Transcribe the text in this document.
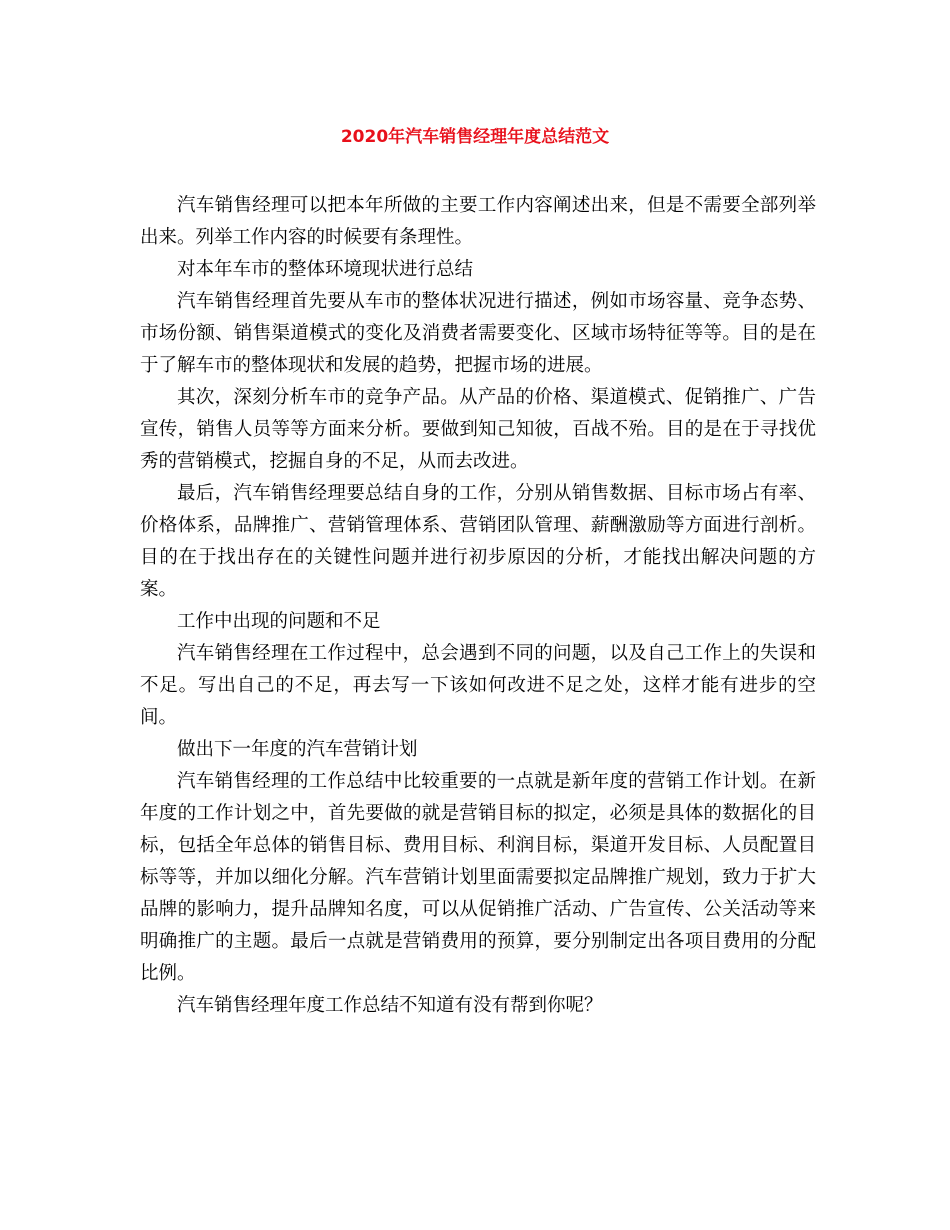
2020年汽车销售经理年度总结范文

汽车销售经理可以把本年所做的主要工作内容阐述出来，但是不需要全部列举出来。列举工作内容的时候要有条理性。

对本年车市的整体环境现状进行总结

汽车销售经理首先要从车市的整体状况进行描述，例如市场容量、竞争态势、市场份额、销售渠道模式的变化及消费者需要变化、区域市场特征等等。目的是在于了解车市的整体现状和发展的趋势，把握市场的进展。

其次，深刻分析车市的竞争产品。从产品的价格、渠道模式、促销推广、广告宣传，销售人员等等方面来分析。要做到知己知彼，百战不殆。目的是在于寻找优秀的营销模式，挖掘自身的不足，从而去改进。

最后，汽车销售经理要总结自身的工作，分别从销售数据、目标市场占有率、价格体系，品牌推广、营销管理体系、营销团队管理、薪酬激励等方面进行剖析。目的在于找出存在的关键性问题并进行初步原因的分析，才能找出解决问题的方案。

工作中出现的问题和不足

汽车销售经理在工作过程中，总会遇到不同的问题，以及自己工作上的失误和不足。写出自己的不足，再去写一下该如何改进不足之处，这样才能有进步的空间。

做出下一年度的汽车营销计划

汽车销售经理的工作总结中比较重要的一点就是新年度的营销工作计划。在新年度的工作计划之中，首先要做的就是营销目标的拟定，必须是具体的数据化的目标，包括全年总体的销售目标、费用目标、利润目标，渠道开发目标、人员配置目标等等，并加以细化分解。汽车营销计划里面需要拟定品牌推广规划，致力于扩大品牌的影响力，提升品牌知名度，可以从促销推广活动、广告宣传、公关活动等来明确推广的主题。最后一点就是营销费用的预算，要分别制定出各项目费用的分配比例。

汽车销售经理年度工作总结不知道有没有帮到你呢？
